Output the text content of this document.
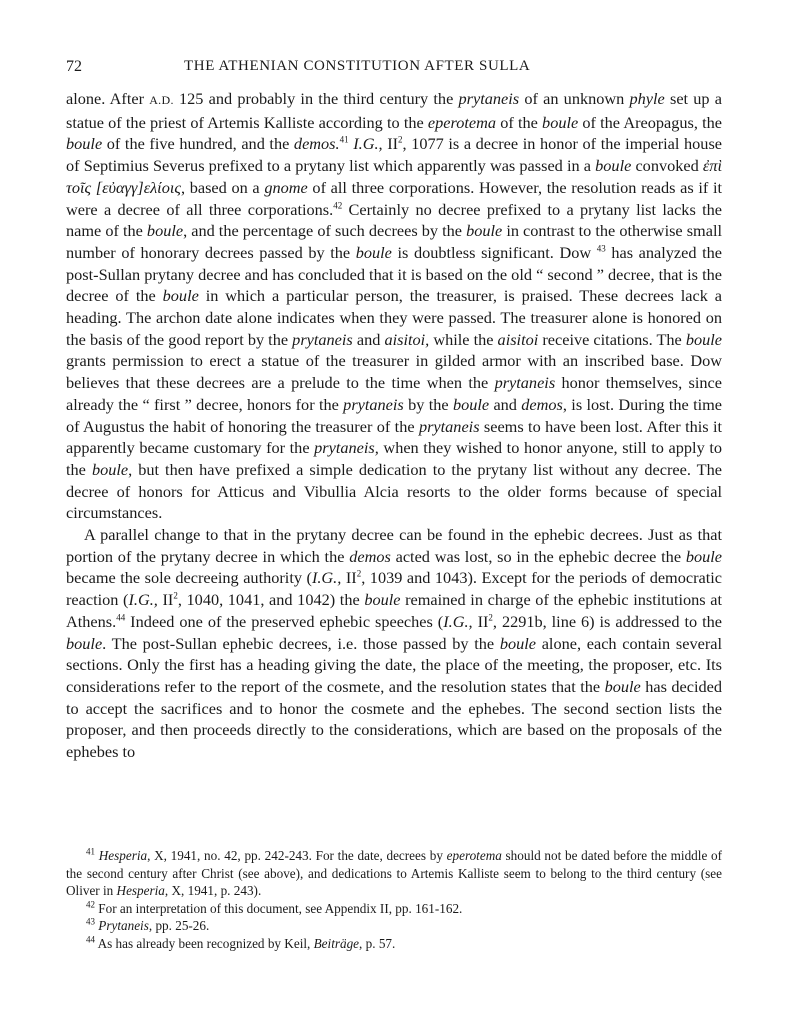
72	THE ATHENIAN CONSTITUTION AFTER SULLA

alone. After A.D. 125 and probably in the third century the prytaneis of an unknown phyle set up a statue of the priest of Artemis Kalliste according to the eperotema of the boule of the Areopagus, the boule of the five hundred, and the demos.$^{41}$ I.G., $II^2$, 1077 is a decree in honor of the imperial house of Septimius Severus prefixed to a prytany list which apparently was passed in a boule convoked ἐπὶ τοῖς [εὐαγγ]ελίοις, based on a gnome of all three corporations. However, the resolution reads as if it were a decree of all three corporations.$^{42}$ Certainly no decree prefixed to a prytany list lacks the name of the boule, and the percentage of such decrees by the boule in contrast to the otherwise small number of honorary decrees passed by the boule is doubtless significant. Dow $^{43}$ has analyzed the post-Sullan prytany decree and has concluded that it is based on the old “ second ” decree, that is the decree of the boule in which a particular person, the treasurer, is praised. These decrees lack a heading. The archon date alone indicates when they were passed. The treasurer alone is honored on the basis of the good report by the prytaneis and aisitoi, while the aisitoi receive citations. The boule grants permission to erect a statue of the treasurer in gilded armor with an inscribed base. Dow believes that these decrees are a prelude to the time when the prytaneis honor themselves, since already the “ first ” decree, honors for the prytaneis by the boule and demos, is lost. During the time of Augustus the habit of honoring the treasurer of the prytaneis seems to have been lost. After this it apparently became customary for the prytaneis, when they wished to honor anyone, still to apply to the boule, but then have prefixed a simple dedication to the prytany list without any decree. The decree of honors for Atticus and Vibullia Alcia resorts to the older forms because of special circumstances.

A parallel change to that in the prytany decree can be found in the ephebic decrees. Just as that portion of the prytany decree in which the demos acted was lost, so in the ephebic decree the boule became the sole decreeing authority (I.G., $II^2$, 1039 and 1043). Except for the periods of democratic reaction (I.G., $II^2$, 1040, 1041, and 1042) the boule remained in charge of the ephebic institutions at Athens.$^{44}$ Indeed one of the preserved ephebic speeches (I.G., $II^2$, 2291b, line 6) is addressed to the boule. The post-Sullan ephebic decrees, i.e. those passed by the boule alone, each contain several sections. Only the first has a heading giving the date, the place of the meeting, the proposer, etc. Its considerations refer to the report of the cosmete, and the resolution states that the boule has decided to accept the sacrifices and to honor the cosmete and the ephebes. The second section lists the proposer, and then proceeds directly to the considerations, which are based on the proposals of the ephebes to

$^{41}$ Hesperia, X, 1941, no. 42, pp. 242-243. For the date, decrees by eperotema should not be dated before the middle of the second century after Christ (see above), and dedications to Artemis Kalliste seem to belong to the third century (see Oliver in Hesperia, X, 1941, p. 243).

$^{42}$ For an interpretation of this document, see Appendix II, pp. 161-162.

$^{43}$ Prytaneis, pp. 25-26.

$^{44}$ As has already been recognized by Keil, Beiträge, p. 57.
